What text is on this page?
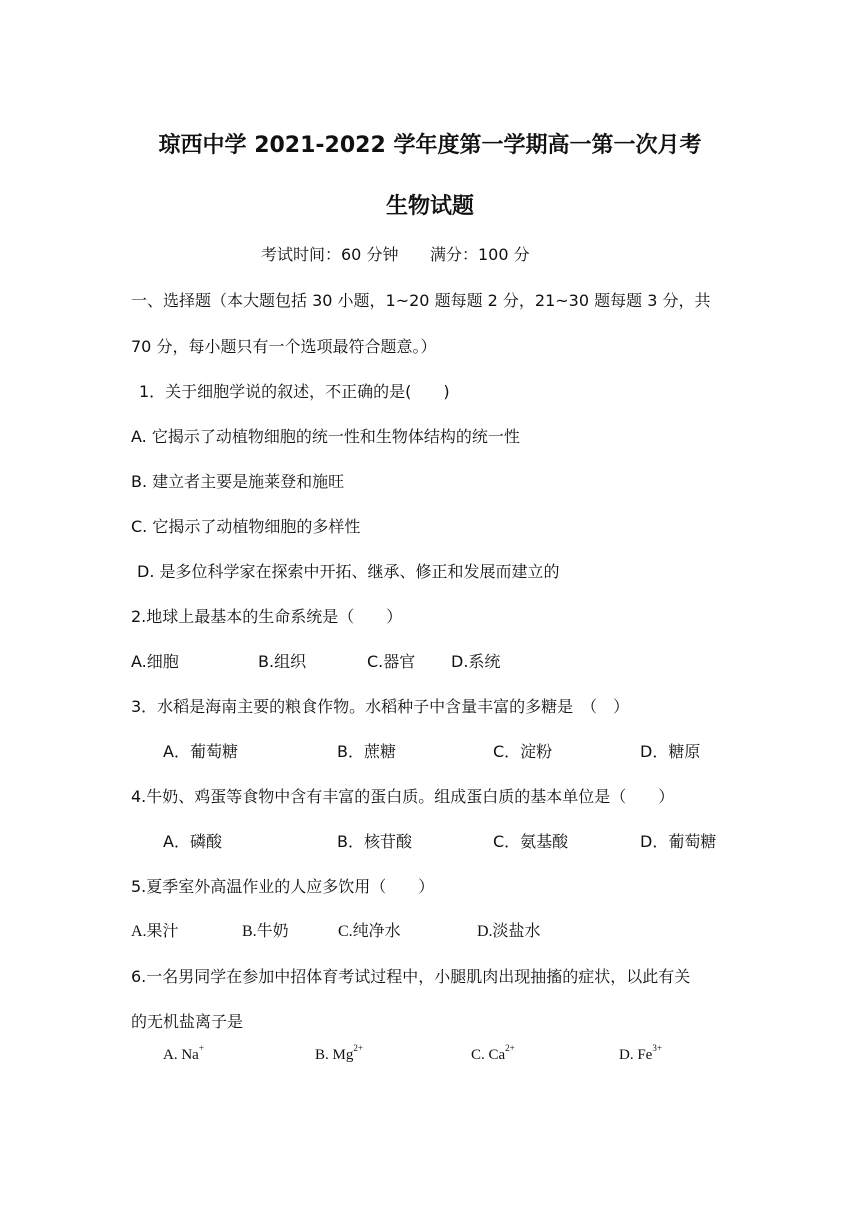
琼西中学 2021-2022 学年度第一学期高一第一次月考
生物试题
考试时间：60 分钟 满分：100 分
一、选择题（本大题包括 30 小题，1~20 题每题 2 分，21~30 题每题 3 分，共
70 分，每小题只有一个选项最符合题意。）
1．关于细胞学说的叙述，不正确的是(　　)
A. 它揭示了动植物细胞的统一性和生物体结构的统一性
B. 建立者主要是施莱登和施旺
C. 它揭示了动植物细胞的多样性
D. 是多位科学家在探索中开拓、继承、修正和发展而建立的
2.地球上最基本的生命系统是（　　）
A.细胞	B.组织	C.器官 D.系统
3．水稻是海南主要的粮食作物。水稻种子中含量丰富的多糖是　（　）
A．葡萄糖	B．蔗糖	C．淀粉	D．糖原
4.牛奶、鸡蛋等食物中含有丰富的蛋白质。组成蛋白质的基本单位是（　　）
A．磷酸	B．核苷酸	C．氨基酸	D．葡萄糖
5.夏季室外高温作业的人应多饮用（　　）
A.果汁	B.牛奶	C.纯净水	D.淡盐水
6.一名男同学在参加中招体育考试过程中，小腿肌肉出现抽搐的症状，以此有关
的无机盐离子是
A. Na+	B. $Mg^{2+}$	C. $Ca^{2+}$	D. $Fe^{3+}$
